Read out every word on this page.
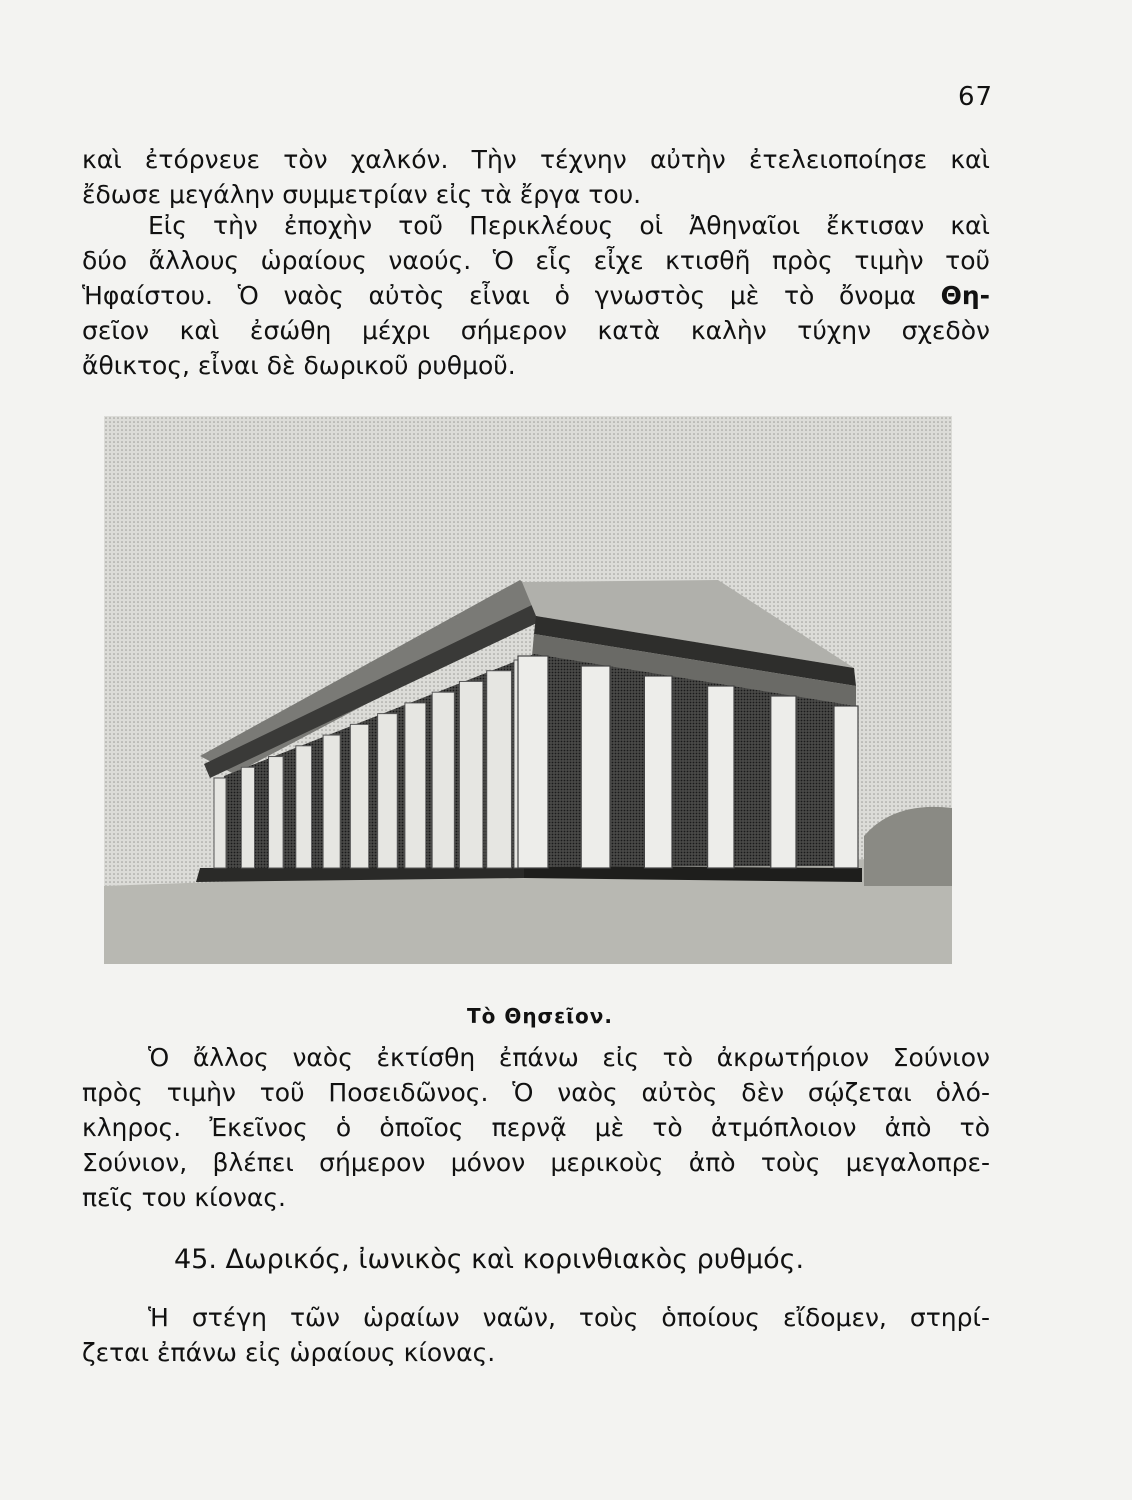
67
καὶ ἐτόρνευε τὸν χαλκόν. Τὴν τέχνην αὐτὴν ἐτελειοποίησε καὶ
ἔδωσε μεγάλην συμμετρίαν εἰς τὰ ἔργα του.
Εἰς τὴν ἐποχὴν τοῦ Περικλέους οἱ Ἀθηναῖοι ἔκτισαν καὶ
δύο ἄλλους ὡραίους ναούς. Ὁ εἷς εἶχε κτισθῆ πρὸς τιμὴν τοῦ
Ἡφαίστου. Ὁ ναὸς αὐτὸς εἶναι ὁ γνωστὸς μὲ τὸ ὄνομα Θη-
σεῖον καὶ ἐσώθη μέχρι σήμερον κατὰ καλὴν τύχην σχεδὸν
ἄθικτος, εἶναι δὲ δωρικοῦ ρυθμοῦ.
Τὸ Θησεῖον.
Ὁ ἄλλος ναὸς ἐκτίσθη ἐπάνω εἰς τὸ ἀκρωτήριον Σούνιον
πρὸς τιμὴν τοῦ Ποσειδῶνος. Ὁ ναὸς αὐτὸς δὲν σῴζεται ὁλό-
κληρος. Ἐκεῖνος ὁ ὁποῖος περνᾷ μὲ τὸ ἀτμόπλοιον ἀπὸ τὸ
Σούνιον, βλέπει σήμερον μόνον μερικοὺς ἀπὸ τοὺς μεγαλοπρε-
πεῖς του κίονας.
45. Δωρικός, ἰωνικὸς καὶ κορινθιακὸς ρυθμός.
Ἡ στέγη τῶν ὡραίων ναῶν, τοὺς ὁποίους εἴδομεν, στηρί-
ζεται ἐπάνω εἰς ὡραίους κίονας.
